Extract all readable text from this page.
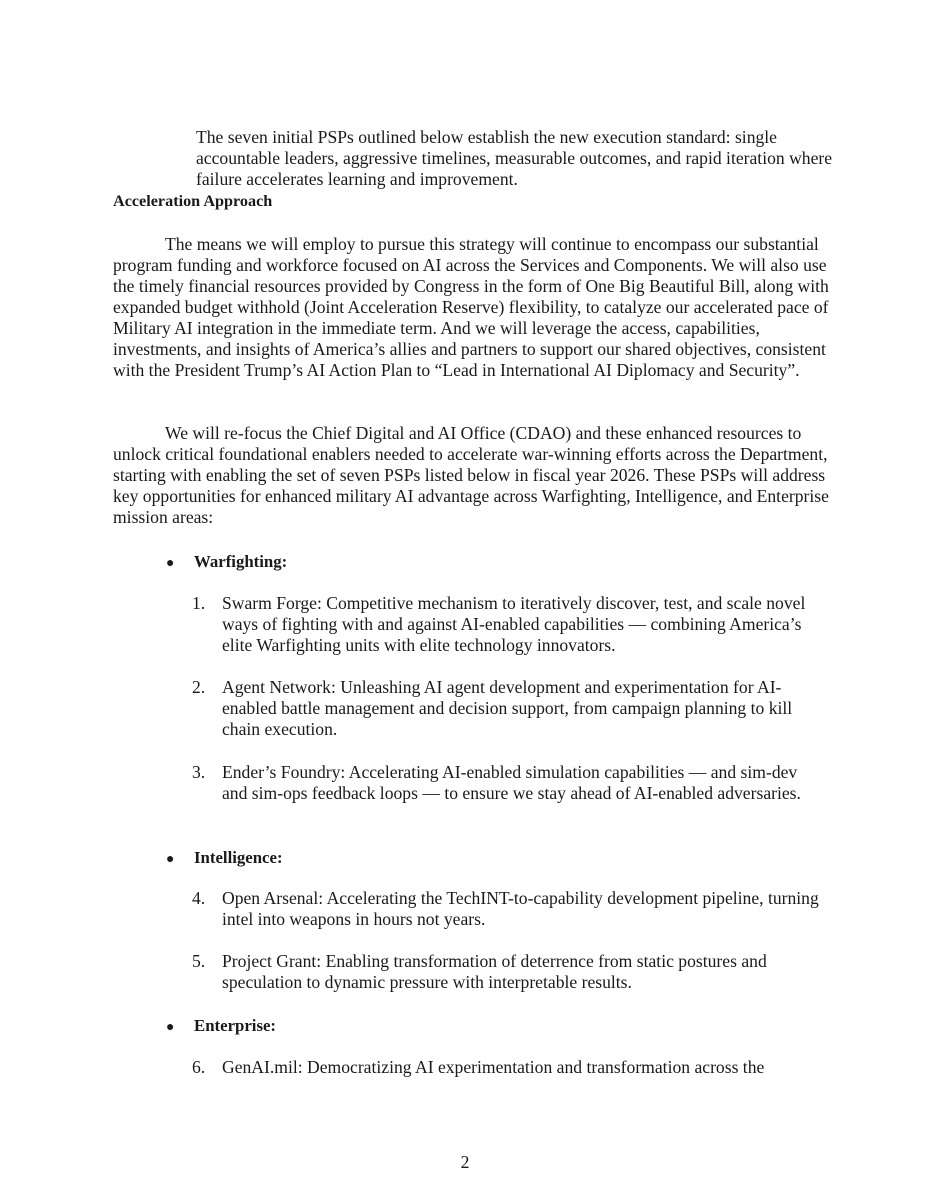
The seven initial PSPs outlined below establish the new execution standard: single accountable leaders, aggressive timelines, measurable outcomes, and rapid iteration where failure accelerates learning and improvement.

Acceleration Approach

The means we will employ to pursue this strategy will continue to encompass our substantial program funding and workforce focused on AI across the Services and Components. We will also use the timely financial resources provided by Congress in the form of One Big Beautiful Bill, along with expanded budget withhold (Joint Acceleration Reserve) flexibility, to catalyze our accelerated pace of Military AI integration in the immediate term. And we will leverage the access, capabilities, investments, and insights of America’s allies and partners to support our shared objectives, consistent with the President Trump’s AI Action Plan to “Lead in International AI Diplomacy and Security”.

We will re-focus the Chief Digital and AI Office (CDAO) and these enhanced resources to unlock critical foundational enablers needed to accelerate war-winning efforts across the Department, starting with enabling the set of seven PSPs listed below in fiscal year 2026. These PSPs will address key opportunities for enhanced military AI advantage across Warfighting, Intelligence, and Enterprise mission areas:

● Warfighting:
1. Swarm Forge: Competitive mechanism to iteratively discover, test, and scale novel ways of fighting with and against AI-enabled capabilities — combining America’s elite Warfighting units with elite technology innovators.
2. Agent Network: Unleashing AI agent development and experimentation for AI-enabled battle management and decision support, from campaign planning to kill chain execution.
3. Ender’s Foundry: Accelerating AI-enabled simulation capabilities — and sim-dev and sim-ops feedback loops — to ensure we stay ahead of AI-enabled adversaries.
● Intelligence:
4. Open Arsenal: Accelerating the TechINT-to-capability development pipeline, turning intel into weapons in hours not years.
5. Project Grant: Enabling transformation of deterrence from static postures and speculation to dynamic pressure with interpretable results.
● Enterprise:
6. GenAI.mil: Democratizing AI experimentation and transformation across the
2
